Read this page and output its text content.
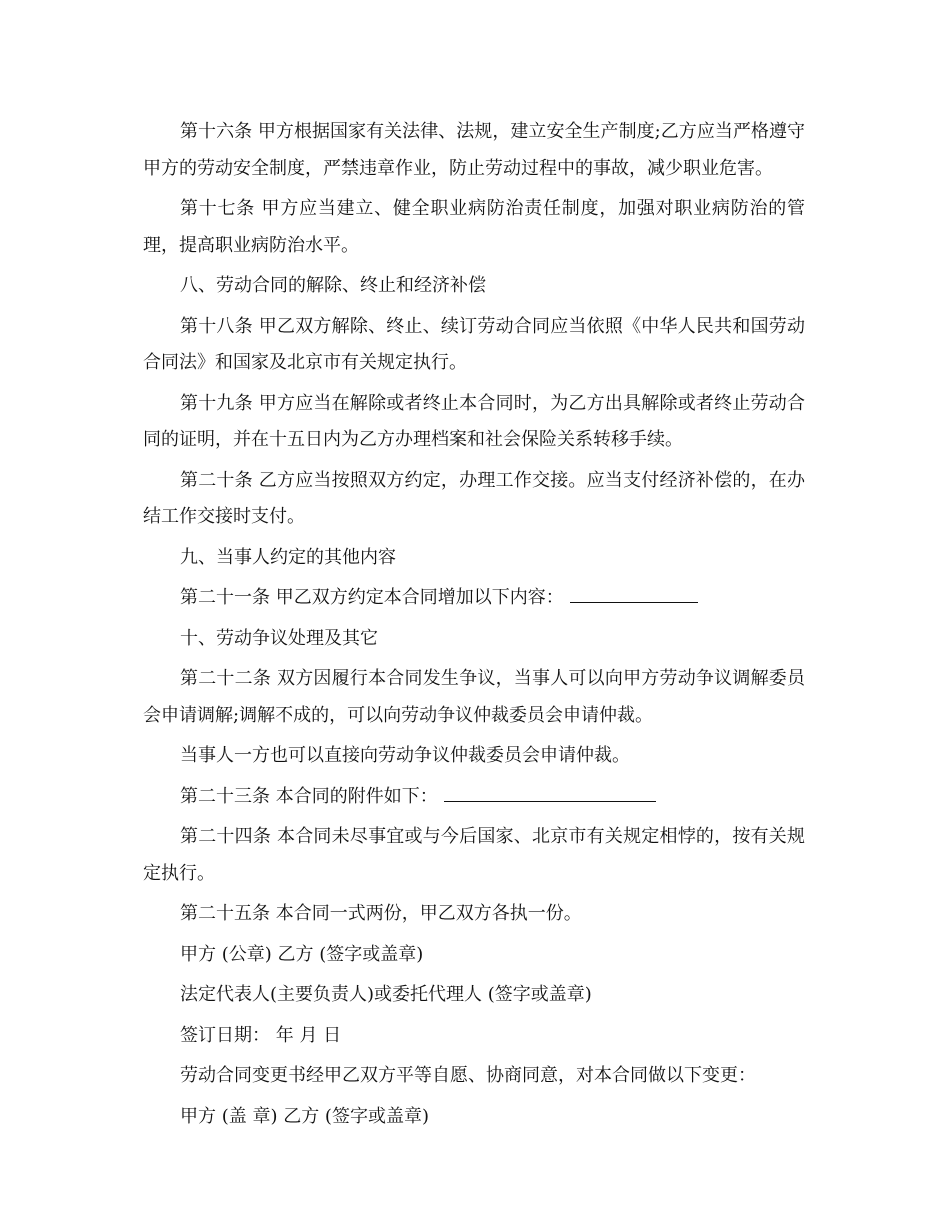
第十六条 甲方根据国家有关法律、法规，建立安全生产制度;乙方应当严格遵守甲方的劳动安全制度，严禁违章作业，防止劳动过程中的事故，减少职业危害。

第十七条 甲方应当建立、健全职业病防治责任制度，加强对职业病防治的管理，提高职业病防治水平。

八、劳动合同的解除、终止和经济补偿

第十八条 甲乙双方解除、终止、续订劳动合同应当依照《中华人民共和国劳动合同法》和国家及北京市有关规定执行。

第十九条 甲方应当在解除或者终止本合同时，为乙方出具解除或者终止劳动合同的证明，并在十五日内为乙方办理档案和社会保险关系转移手续。

第二十条 乙方应当按照双方约定，办理工作交接。应当支付经济补偿的，在办结工作交接时支付。

九、当事人约定的其他内容

第二十一条 甲乙双方约定本合同增加以下内容：

十、劳动争议处理及其它

第二十二条 双方因履行本合同发生争议，当事人可以向甲方劳动争议调解委员会申请调解;调解不成的，可以向劳动争议仲裁委员会申请仲裁。

当事人一方也可以直接向劳动争议仲裁委员会申请仲裁。

第二十三条 本合同的附件如下：

第二十四条 本合同未尽事宜或与今后国家、北京市有关规定相悖的，按有关规定执行。

第二十五条 本合同一式两份，甲乙双方各执一份。

甲方 (公章) 乙方 (签字或盖章)

法定代表人(主要负责人)或委托代理人 (签字或盖章)

签订日期： 年 月 日

劳动合同变更书经甲乙双方平等自愿、协商同意，对本合同做以下变更：

甲方 (盖 章) 乙方 (签字或盖章)
